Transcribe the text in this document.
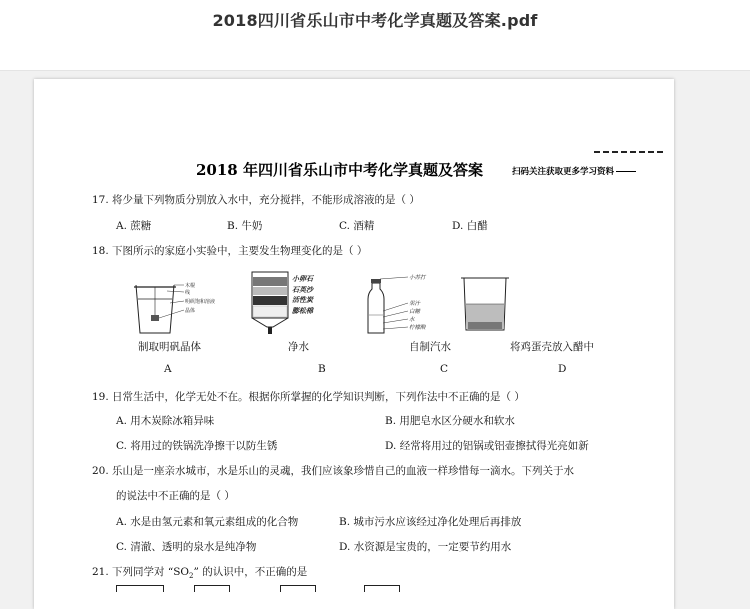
2018四川省乐山市中考化学真题及答案.pdf
2018 年四川省乐山市中考化学真题及答案	扫码关注获取更多学习资料
17. 将少量下列物质分别放入水中，充分搅拌，不能形成溶液的是（ ）
A. 蔗糖	B. 牛奶	C. 酒精	D. 白醋
18. 下图所示的家庭小实验中，主要发生物理变化的是（ ）
木棍
线
明矾饱和溶液
晶体
小卵石
石英沙
活性炭
膨松棉
小苏打
果汁
白糖
水
柠檬酸
制取明矾晶体	净水	自制汽水	将鸡蛋壳放入醋中
A	B	C	D
19. 日常生活中，化学无处不在。根据你所掌握的化学知识判断，下列作法中不正确的是（ ）
A. 用木炭除冰箱异味	B. 用肥皂水区分硬水和软水
C. 将用过的铁锅洗净擦干以防生锈	D. 经常将用过的铝锅或铝壶擦拭得光亮如新
20. 乐山是一座亲水城市，水是乐山的灵魂，我们应该象珍惜自己的血液一样珍惜每一滴水。下列关于水
的说法中不正确的是（ ）
A. 水是由氢元素和氧元素组成的化合物	B. 城市污水应该经过净化处理后再排放
C. 清澈、透明的泉水是纯净物	D. 水资源是宝贵的，一定要节约用水
21. 下列同学对 “$SO_2$” 的认识中，不正确的是
